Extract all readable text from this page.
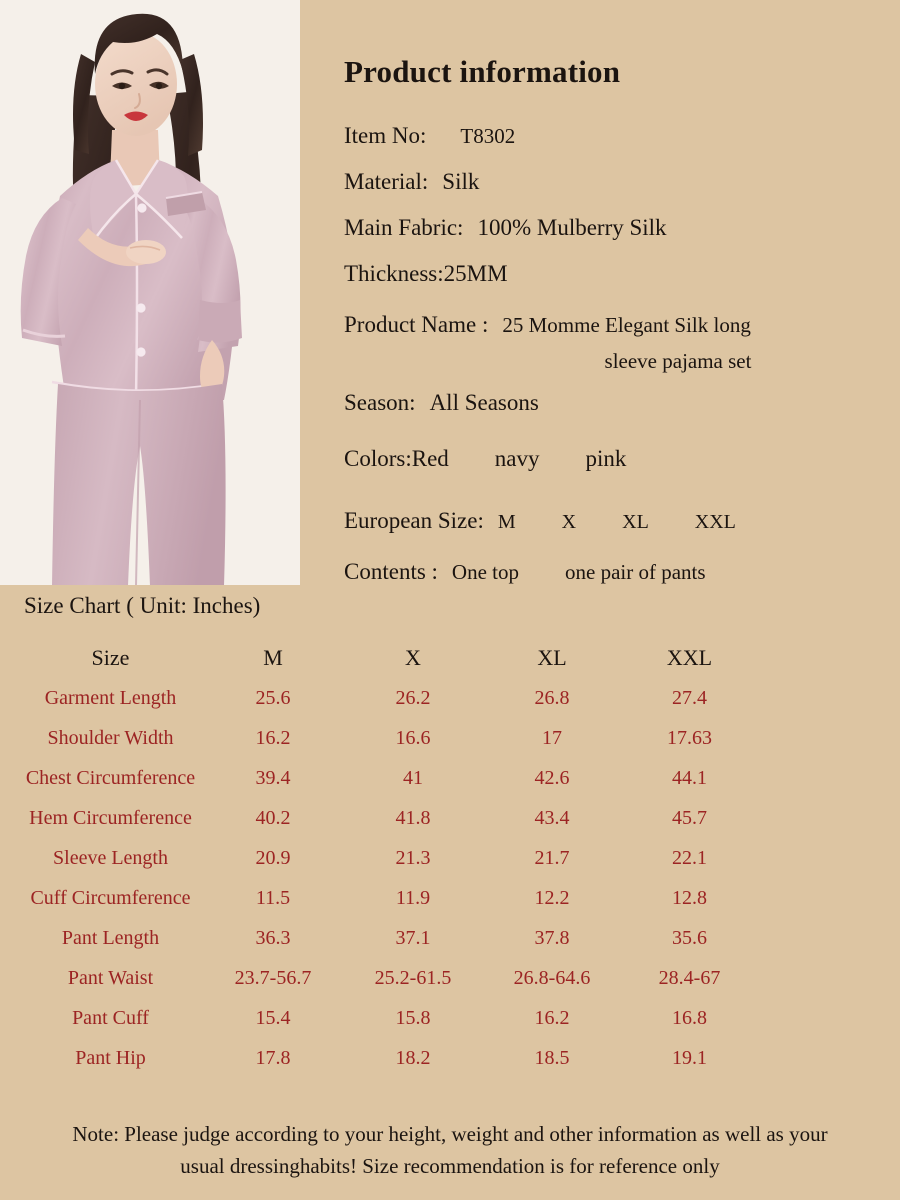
Product information
Item No: T8302
Material: Silk
Main Fabric: 100% Mulberry Silk
Thickness:25MM
Product Name : 25 Momme Elegant Silk long
sleeve pajama set
Season: All Seasons
Colors:Red navy pink
European Size: M X XL XXL
Contents : One top one pair of pants
Size Chart ( Unit: Inches)
Size	M	X	XL	XXL
Garment Length	25.6	26.2	26.8	27.4
Shoulder Width	16.2	16.6	17	17.63
Chest Circumference	39.4	41	42.6	44.1
Hem Circumference	40.2	41.8	43.4	45.7
Sleeve Length	20.9	21.3	21.7	22.1
Cuff Circumference	11.5	11.9	12.2	12.8
Pant Length	36.3	37.1	37.8	35.6
Pant Waist	23.7-56.7	25.2-61.5	26.8-64.6	28.4-67
Pant Cuff	15.4	15.8	16.2	16.8
Pant Hip	17.8	18.2	18.5	19.1
Note: Please judge according to your height, weight and other information as well as your
usual dressinghabits! Size recommendation is for reference only
